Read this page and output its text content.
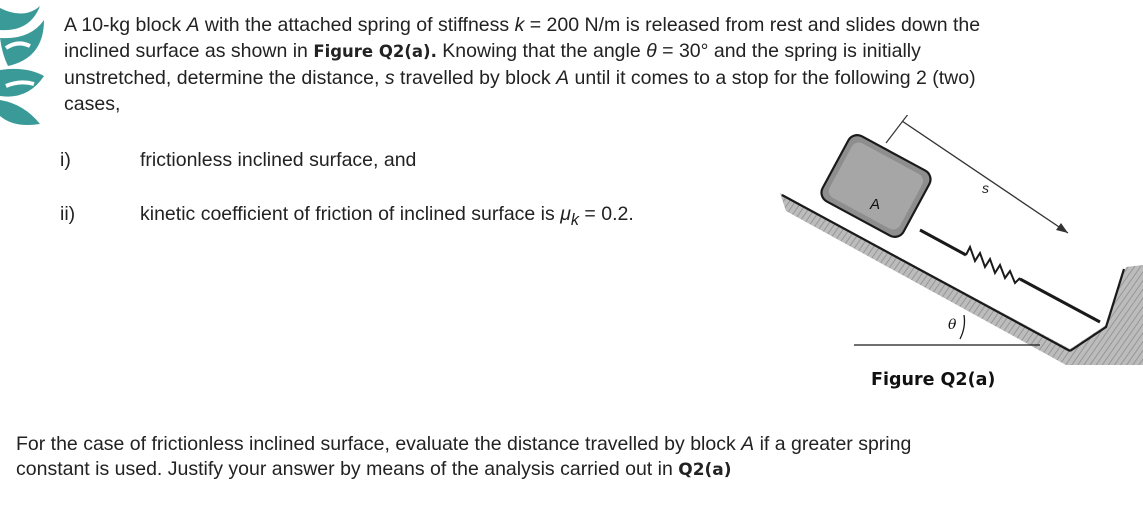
A 10-kg block A with the attached spring of stiffness k = 200 N/m is released from rest and slides down the inclined surface as shown in Figure Q2(a). Knowing that the angle θ = 30° and the spring is initially unstretched, determine the distance, s travelled by block A until it comes to a stop for the following 2 (two) cases,
i)	frictionless inclined surface, and
ii)	kinetic coefficient of friction of inclined surface is $\mu_k = 0.2$.	A
s
θ
Figure Q2(a)
For the case of frictionless inclined surface, evaluate the distance travelled by block A if a greater spring constant is used. Justify your answer by means of the analysis carried out in Q2(a)
